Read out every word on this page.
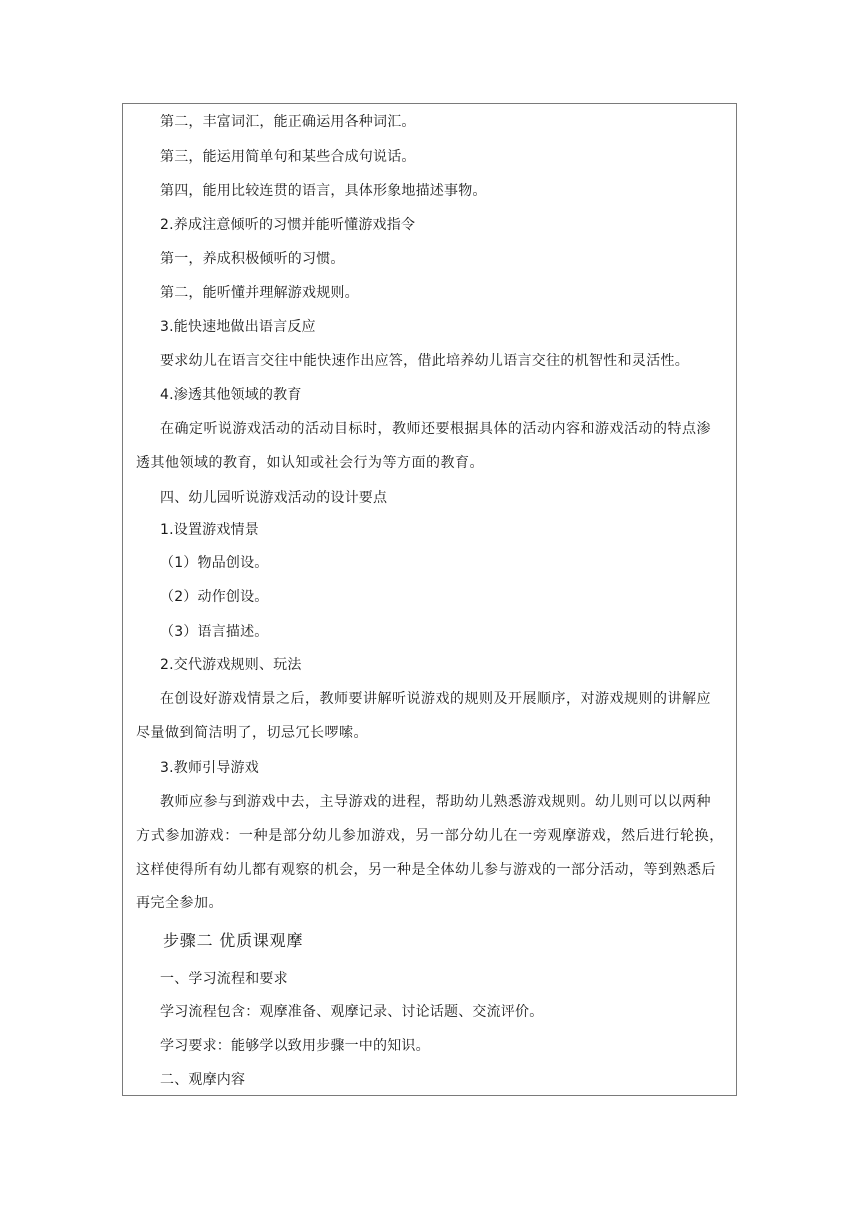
第二，丰富词汇，能正确运用各种词汇。
第三，能运用简单句和某些合成句说话。
第四，能用比较连贯的语言，具体形象地描述事物。
2.养成注意倾听的习惯并能听懂游戏指令
第一，养成积极倾听的习惯。
第二，能听懂并理解游戏规则。
3.能快速地做出语言反应
要求幼儿在语言交往中能快速作出应答，借此培养幼儿语言交往的机智性和灵活性。
4.渗透其他领域的教育
在确定听说游戏活动的活动目标时，教师还要根据具体的活动内容和游戏活动的特点渗
透其他领域的教育，如认知或社会行为等方面的教育。
四、幼儿园听说游戏活动的设计要点
1.设置游戏情景
（1）物品创设。
（2）动作创设。
（3）语言描述。
2.交代游戏规则、玩法
在创设好游戏情景之后，教师要讲解听说游戏的规则及开展顺序，对游戏规则的讲解应
尽量做到简洁明了，切忌冗长啰嗦。
3.教师引导游戏
教师应参与到游戏中去，主导游戏的进程，帮助幼儿熟悉游戏规则。幼儿则可以以两种
方式参加游戏：一种是部分幼儿参加游戏，另一部分幼儿在一旁观摩游戏，然后进行轮换，
这样使得所有幼儿都有观察的机会，另一种是全体幼儿参与游戏的一部分活动，等到熟悉后
再完全参加。
步骤二 优质课观摩
一、学习流程和要求
学习流程包含：观摩准备、观摩记录、讨论话题、交流评价。
学习要求：能够学以致用步骤一中的知识。
二、观摩内容
